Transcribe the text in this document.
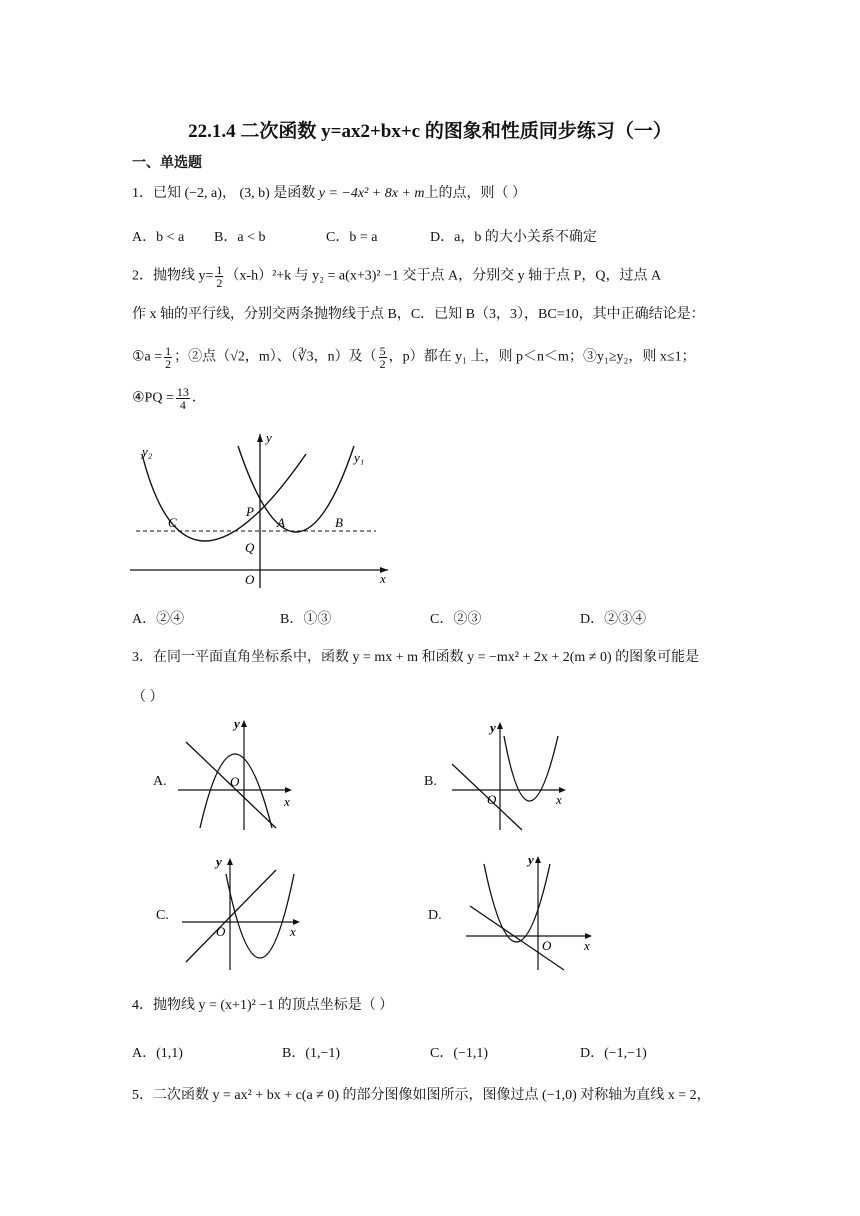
22.1.4 二次函数 y=ax2+bx+c 的图象和性质同步练习（一）
一、单选题
1．已知 (−2, a)， (3, b) 是函数 y = −4x² + 8x + m上的点，则（ ）
A．b < a B．a < b	C．b = a	D．a，b 的大小关系不确定
2．抛物线 $y= \frac{1}{2} (x-h)^2+k$ 与 y₂ = a(x+3)² −1 交于点 A，分别交 y 轴于点 P，Q，过点 A
作 x 轴的平行线，分别交两条抛物线于点 B，C．已知 B（3，3），BC=10，其中正确结论是：
①a = $\frac{1}{2}$ ；②点（√2，m）、（∛3，n）及（ $\frac{5}{2}$ ，p）都在 y₁ 上，则 p＜n＜m；③y₁≥y₂，则 x≤1；
④PQ = $\frac{13}{4}$ ．
y₂	y₁
y
x
O
P
Q
A	B
C
A．②④	B．①③	C．②③	D．②③④
3．在同一平面直角坐标系中，函数 y = mx + m 和函数 y = −mx² + 2x + 2(m ≠ 0) 的图象可能是
（ ）
A.
y
x
O	B.
y
x
O
C.
y
x
O
D.
y
x
O
4．抛物线 y = (x+1)² −1 的顶点坐标是（ ）
A．(1,1)	B．(1,−1)	C．(−1,1)	D．(−1,−1)
5．二次函数 y = ax² + bx + c(a ≠ 0) 的部分图像如图所示，图像过点 (−1,0) 对称轴为直线 x = 2，
